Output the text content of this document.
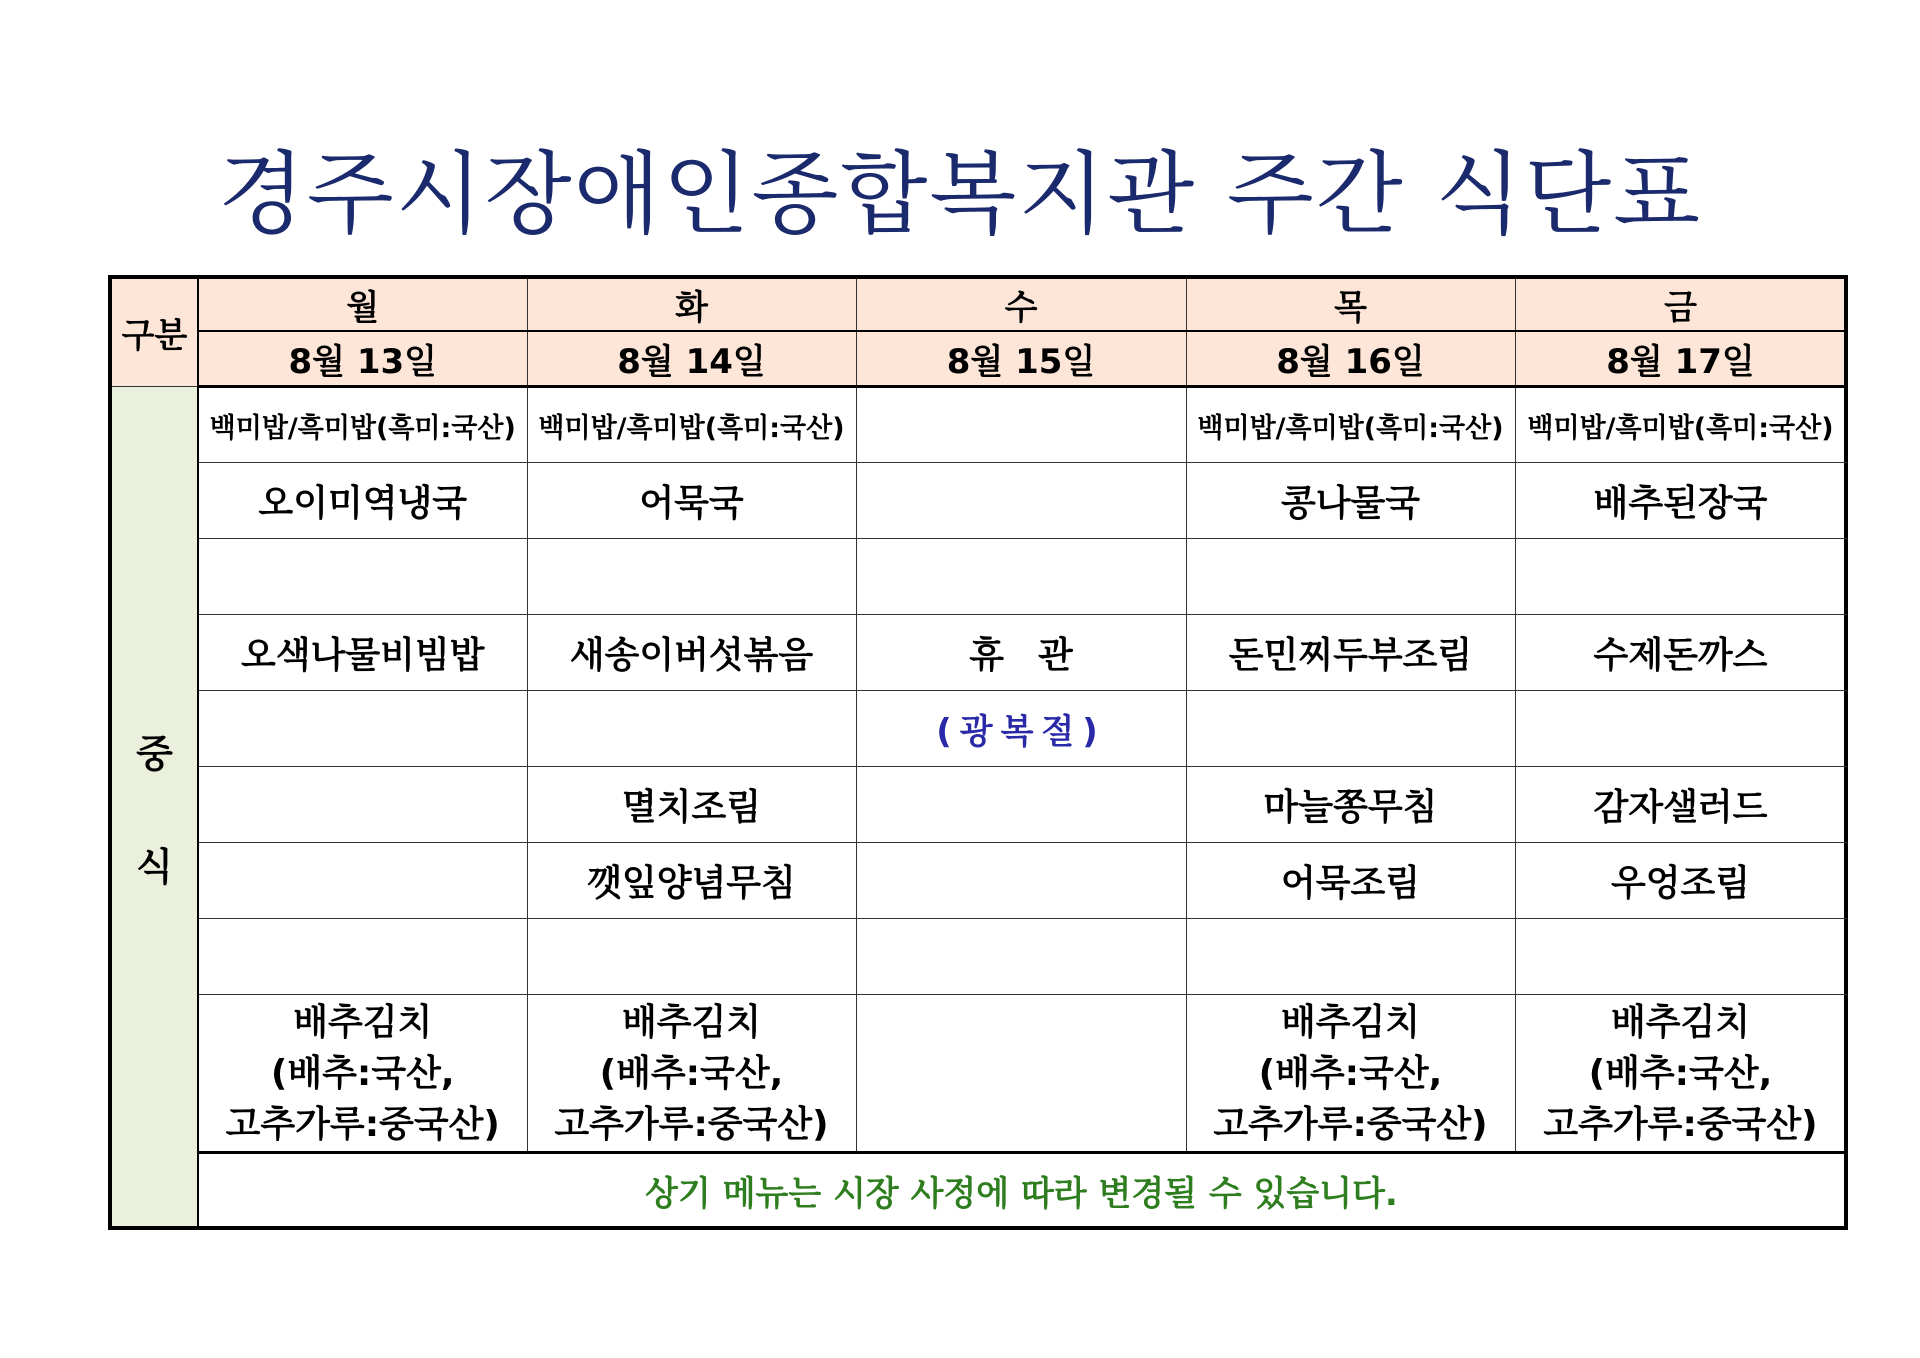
경주시장애인종합복지관 주간 식단표
구분	월	화	수	목	금
	8월 13일	8월 14일	8월 15일	8월 16일	8월 17일

중
식	백미밥/흑미밥(흑미:국산)	백미밥/흑미밥(흑미:국산)		백미밥/흑미밥(흑미:국산)	백미밥/흑미밥(흑미:국산)
	오이미역냉국	어묵국		콩나물국	배추된장국

	오색나물비빔밥	새송이버섯볶음	휴관	돈민찌두부조림	수제돈까스
			(광복절)		
		멸치조림		마늘쫑무침	감자샐러드
		깻잎양념무침		어묵조림	우엉조림

	배추김치
(배추:국산,
고추가루:중국산)	배추김치
(배추:국산,
고추가루:중국산)		배추김치
(배추:국산,
고추가루:중국산)	배추김치
(배추:국산,
고추가루:중국산)

	상기 메뉴는 시장 사정에 따라 변경될 수 있습니다.				
